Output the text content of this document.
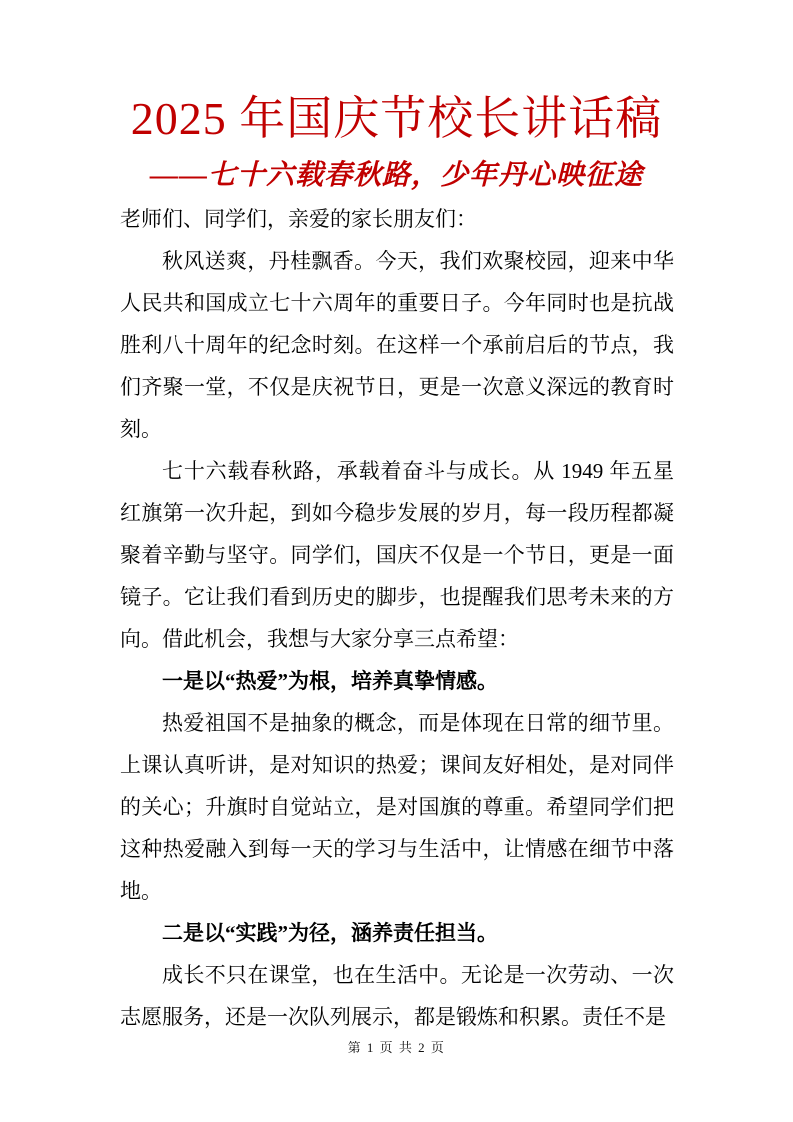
2025 年国庆节校长讲话稿
——七十六载春秋路，少年丹心映征途

老师们、同学们，亲爱的家长朋友们：

秋风送爽，丹桂飘香。今天，我们欢聚校园，迎来中华人民共和国成立七十六周年的重要日子。今年同时也是抗战胜利八十周年的纪念时刻。在这样一个承前启后的节点，我们齐聚一堂，不仅是庆祝节日，更是一次意义深远的教育时刻。

七十六载春秋路，承载着奋斗与成长。从 1949 年五星红旗第一次升起，到如今稳步发展的岁月，每一段历程都凝聚着辛勤与坚守。同学们，国庆不仅是一个节日，更是一面镜子。它让我们看到历史的脚步，也提醒我们思考未来的方向。借此机会，我想与大家分享三点希望：

一是以“热爱”为根，培养真挚情感。

热爱祖国不是抽象的概念，而是体现在日常的细节里。上课认真听讲，是对知识的热爱；课间友好相处，是对同伴的关心；升旗时自觉站立，是对国旗的尊重。希望同学们把这种热爱融入到每一天的学习与生活中，让情感在细节中落地。

二是以“实践”为径，涵养责任担当。

成长不只在课堂，也在生活中。无论是一次劳动、一次志愿服务，还是一次队列展示，都是锻炼和积累。责任不是

第 1 页 共 2 页
